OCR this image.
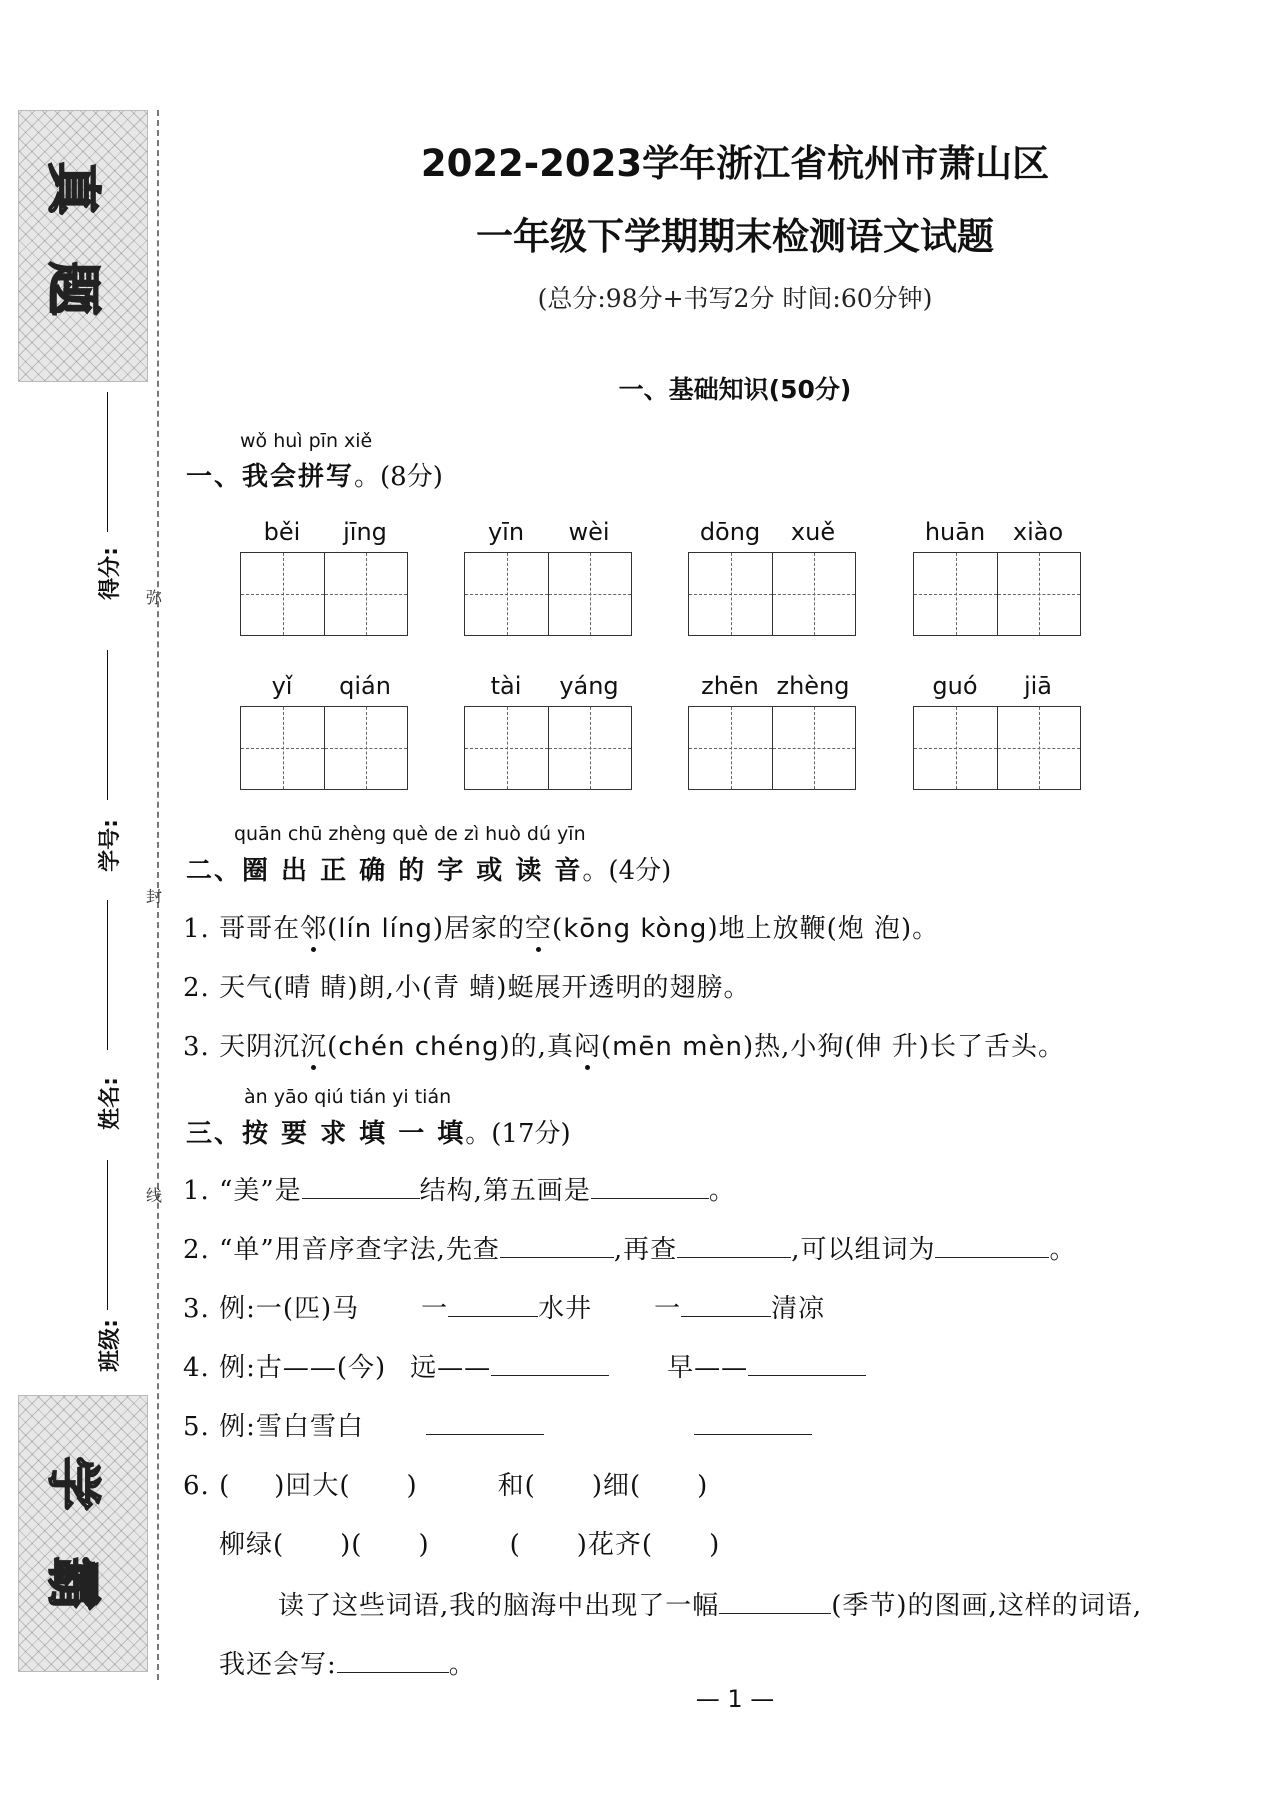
真
题
学
霸
得分:
学号:
姓名:
班级:
弥
封
线
2022-2023学年浙江省杭州市萧山区
一年级下学期期末检测语文试题
(总分:98分+书写2分 时间:60分钟)
一、基础知识(50分)
wǒ huì pīn xiě
一、我会拼写。(8分)
běi	jīng	yīn	wèi	dōng	xuě	huān	xiào
yǐ	qián	tài	yáng	zhēn zhèng	guó	jiā
quān chū zhèng què de zì huò dú yīn
二、圈 出 正 确 的 字 或 读 音。(4分)
1. 哥哥在邻(lín líng)居家的空(kōng kòng)地上放鞭(炮 泡)。
2. 天气(晴 睛)朗,小(青 蜻)蜓展开透明的翅膀。
3. 天阴沉沉(chén chéng)的,真闷(mēn mèn)热,小狗(伸 升)长了舌头。
àn yāo qiú tián yi tián
三、按 要 求 填 一 填。(17分)
1. “美”是	结构,第五画是	。
2. “单”用音序查字法,先查	,再查	,可以组词为	。
3. 例:一(匹)马 一	水井 一	清凉
4. 例:古——(今) 远——	早——
5. 例:雪白雪白
6. ( )回大( )	和( )细( )
柳绿( )( )	( )花齐( )
读了这些词语,我的脑海中出现了一幅	(季节)的图画,这样的词语,
我还会写:	。
— 1 —
